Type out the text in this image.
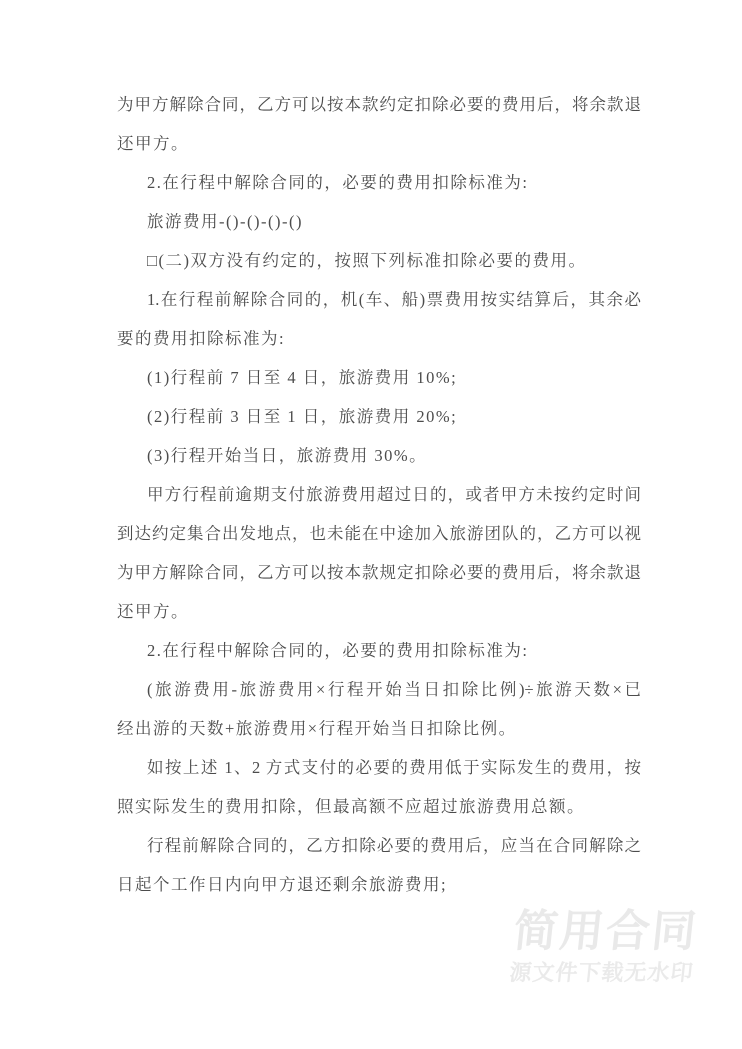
为甲方解除合同，乙方可以按本款约定扣除必要的费用后，将余款退
还甲方。
2.在行程中解除合同的，必要的费用扣除标准为:
旅游费用-()-()-()-()
□(二)双方没有约定的，按照下列标准扣除必要的费用。
1.在行程前解除合同的，机(车、船)票费用按实结算后，其余必
要的费用扣除标准为:
(1)行程前 7 日至 4 日，旅游费用 10%;
(2)行程前 3 日至 1 日，旅游费用 20%;
(3)行程开始当日，旅游费用 30%。
甲方行程前逾期支付旅游费用超过日的，或者甲方未按约定时间
到达约定集合出发地点，也未能在中途加入旅游团队的，乙方可以视
为甲方解除合同，乙方可以按本款规定扣除必要的费用后，将余款退
还甲方。
2.在行程中解除合同的，必要的费用扣除标准为:
(旅游费用-旅游费用×行程开始当日扣除比例)÷旅游天数×已
经出游的天数+旅游费用×行程开始当日扣除比例。
如按上述 1、2 方式支付的必要的费用低于实际发生的费用，按
照实际发生的费用扣除，但最高额不应超过旅游费用总额。
行程前解除合同的，乙方扣除必要的费用后，应当在合同解除之
日起个工作日内向甲方退还剩余旅游费用;
简用合同
源文件下载无水印
